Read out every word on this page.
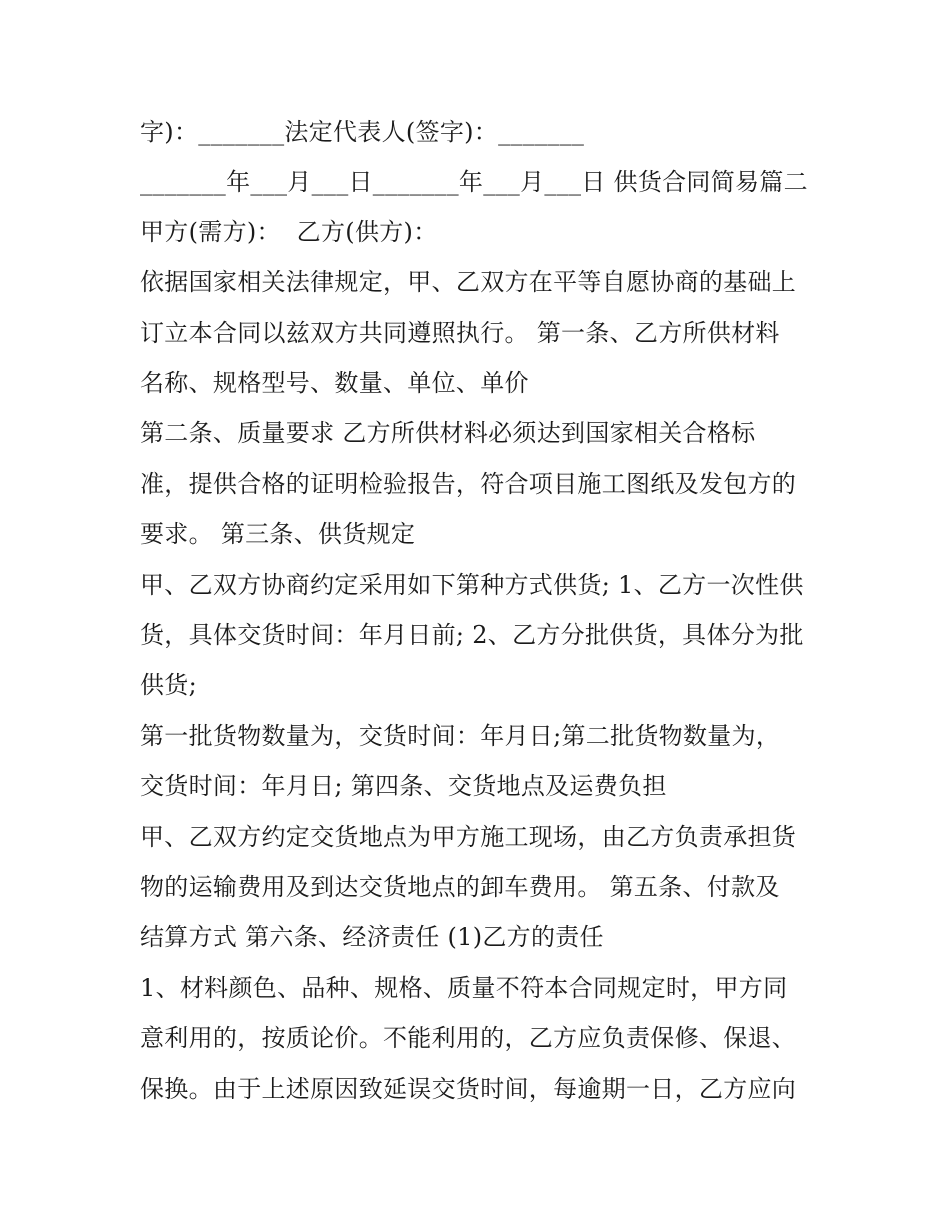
字)：_______法定代表人(签字)：_______

_______年___月___日_______年___月___日 供货合同简易篇二

甲方(需方)：  乙方(供方)：

依据国家相关法律规定，甲、乙双方在平等自愿协商的基础上

订立本合同以兹双方共同遵照执行。 第一条、乙方所供材料

名称、规格型号、数量、单位、单价

第二条、质量要求 乙方所供材料必须达到国家相关合格标

准，提供合格的证明检验报告，符合项目施工图纸及发包方的

要求。 第三条、供货规定

甲、乙双方协商约定采用如下第种方式供货; 1、乙方一次性供

货，具体交货时间：年月日前; 2、乙方分批供货，具体分为批

供货;

第一批货物数量为，交货时间：年月日;第二批货物数量为，

交货时间：年月日; 第四条、交货地点及运费负担

甲、乙双方约定交货地点为甲方施工现场，由乙方负责承担货

物的运输费用及到达交货地点的卸车费用。 第五条、付款及

结算方式 第六条、经济责任 (1)乙方的责任

1、材料颜色、品种、规格、质量不符本合同规定时，甲方同

意利用的，按质论价。不能利用的，乙方应负责保修、保退、

保换。由于上述原因致延误交货时间，每逾期一日，乙方应向
